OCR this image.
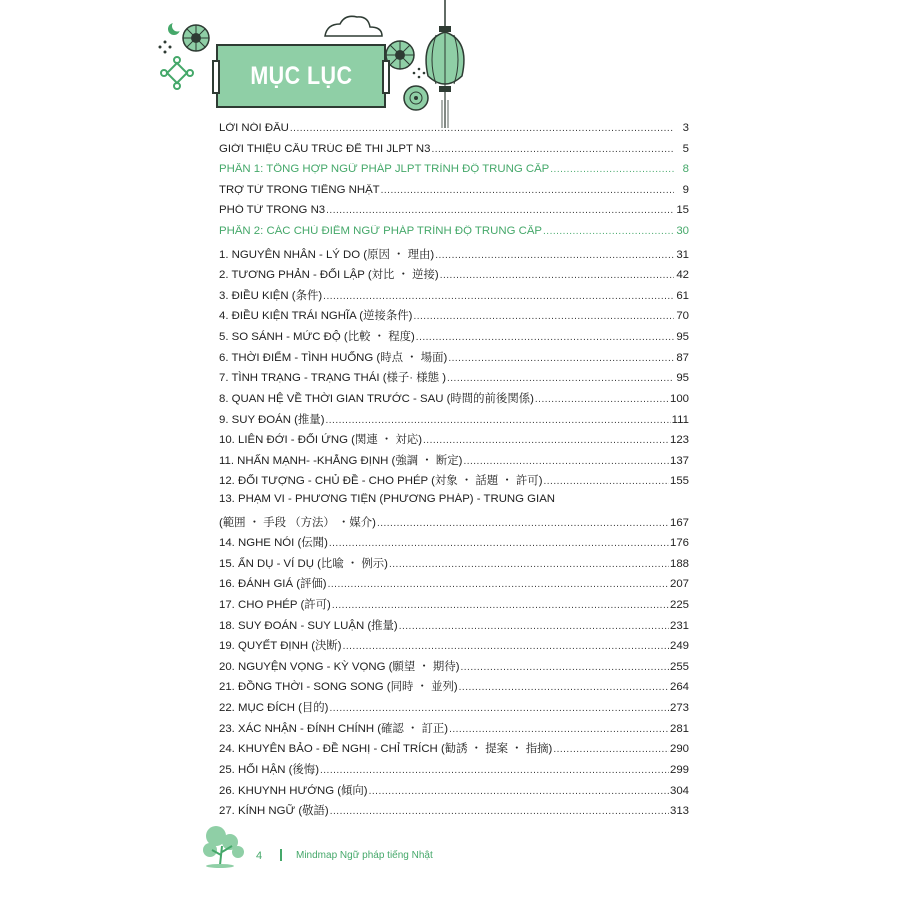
MỤC LỤC
LỜI NÓI ĐẦU .....	3
GIỚI THIỆU CẤU TRÚC ĐỀ THI JLPT N3 .....	5
PHẦN 1: TỔNG HỢP NGỮ PHÁP JLPT TRÌNH ĐỘ TRUNG CẤP .....	8
TRỢ TỪ TRONG TIẾNG NHẬT .....	9
PHÓ TỪ TRONG N3 .....	15
PHẦN 2: CÁC CHỦ ĐIỂM NGỮ PHÁP TRÌNH ĐỘ TRUNG CẤP .....	30
1. NGUYÊN NHÂN - LÝ DO (原因 ・ 理由) .....	31
2. TƯƠNG PHẢN - ĐỐI LẬP (対比 ・ 逆接) .....	42
3. ĐIỀU KIỆN (条件) .....	61
4. ĐIỀU KIỆN TRÁI NGHĨA (逆接条件) .....	70
5. SO SÁNH - MỨC ĐỘ (比較 ・ 程度) .....	95
6. THỜI ĐIỂM - TÌNH HUỐNG (時点 ・ 場面) .....	87
7. TÌNH TRẠNG - TRẠNG THÁI (様子· 様態 ) .....	95
8. QUAN HỆ VỀ THỜI GIAN TRƯỚC - SAU (時間的前後関係) .....	100
9. SUY ĐOÁN (推量) .....	111
10. LIÊN ĐỚI - ĐỐI ỨNG (関連 ・ 対応) .....	123
11. NHẤN MẠNH- -KHẲNG ĐỊNH (強調 ・ 断定) .....	137
12. ĐỐI TƯỢNG - CHỦ ĐỀ - CHO PHÉP (対象 ・ 話題 ・ 許可) .....	155
13. PHẠM VI - PHƯƠNG TIỆN (PHƯƠNG PHÁP) - TRUNG GIAN
(範囲 ・ 手段 （方法） ・媒介) .....	167
14. NGHE NÓI (伝聞) .....	176
15. ẨN DỤ - VÍ DỤ (比喩 ・ 例示) .....	188
16. ĐÁNH GIÁ (評価) .....	207
17. CHO PHÉP (許可) .....	225
18. SUY ĐOÁN - SUY LUẬN (推量) .....	231
19. QUYẾT ĐỊNH (決断) .....	249
20. NGUYỆN VỌNG - KỲ VỌNG (願望 ・ 期待) .....	255
21. ĐỒNG THỜI - SONG SONG (同時 ・ 並列) .....	264
22. MỤC ĐÍCH (目的) .....	273
23. XÁC NHẬN - ĐÍNH CHÍNH (確認 ・ 訂正) .....	281
24. KHUYÊN BẢO - ĐỀ NGHỊ - CHỈ TRÍCH (勧誘 ・ 提案 ・ 指摘) .....	290
25. HỐI HẬN (後悔) .....	299
26. KHUYNH HƯỚNG (傾向) .....	304
27. KÍNH NGỮ (敬語) .....	313
4	Mindmap Ngữ pháp tiếng Nhật
